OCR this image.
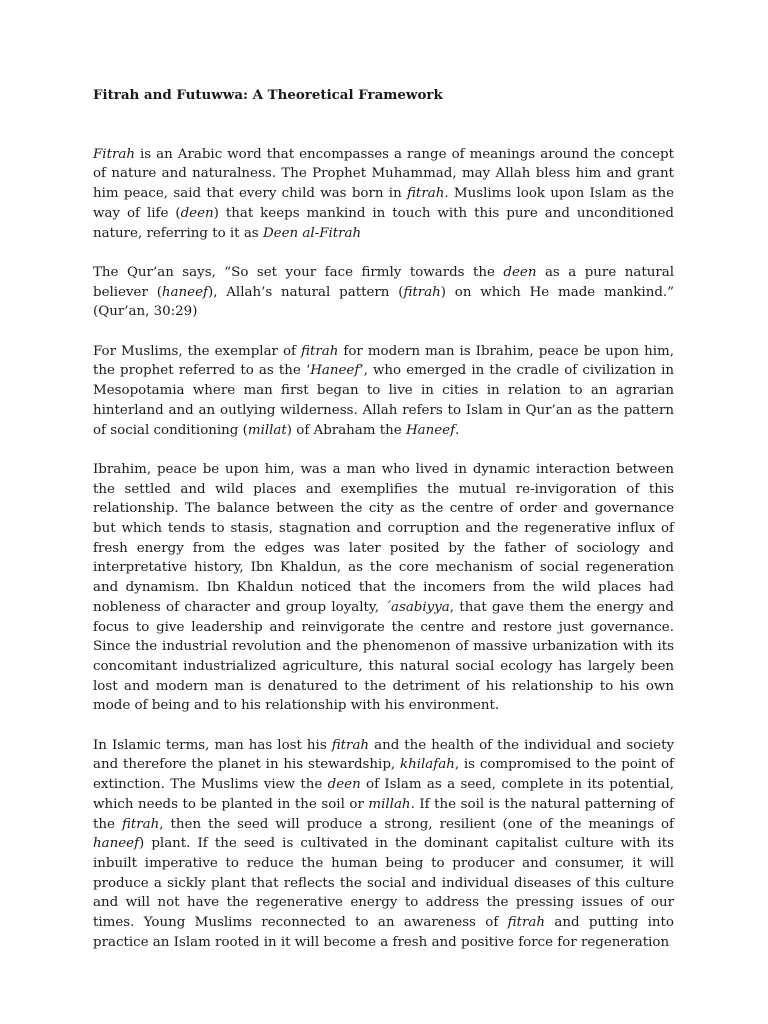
Fitrah and Futuwwa: A Theoretical Framework

Fitrah is an Arabic word that encompasses a range of meanings around the concept of nature and naturalness. The Prophet Muhammad, may Allah bless him and grant him peace, said that every child was born in fitrah. Muslims look upon Islam as the way of life (deen) that keeps mankind in touch with this pure and unconditioned nature, referring to it as Deen al-Fitrah

The Qur’an says, “So set your face firmly towards the deen as a pure natural believer (haneef), Allah’s natural pattern (fitrah) on which He made mankind.” (Qur’an, 30:29)

For Muslims, the exemplar of fitrah for modern man is Ibrahim, peace be upon him, the prophet referred to as the ‘Haneef’, who emerged in the cradle of civilization in Mesopotamia where man first began to live in cities in relation to an agrarian hinterland and an outlying wilderness. Allah refers to Islam in Qur’an as the pattern of social conditioning (millat) of Abraham the Haneef.

Ibrahim, peace be upon him, was a man who lived in dynamic interaction between the settled and wild places and exemplifies the mutual re-invigoration of this relationship. The balance between the city as the centre of order and governance but which tends to stasis, stagnation and corruption and the regenerative influx of fresh energy from the edges was later posited by the father of sociology and interpretative history, Ibn Khaldun, as the core mechanism of social regeneration and dynamism. Ibn Khaldun noticed that the incomers from the wild places had nobleness of character and group loyalty, ´asabiyya, that gave them the energy and focus to give leadership and reinvigorate the centre and restore just governance. Since the industrial revolution and the phenomenon of massive urbanization with its concomitant industrialized agriculture, this natural social ecology has largely been lost and modern man is denatured to the detriment of his relationship to his own mode of being and to his relationship with his environment.

In Islamic terms, man has lost his fitrah and the health of the individual and society and therefore the planet in his stewardship, khilafah, is compromised to the point of extinction. The Muslims view the deen of Islam as a seed, complete in its potential, which needs to be planted in the soil or millah. If the soil is the natural patterning of the fitrah, then the seed will produce a strong, resilient (one of the meanings of haneef) plant. If the seed is cultivated in the dominant capitalist culture with its inbuilt imperative to reduce the human being to producer and consumer, it will produce a sickly plant that reflects the social and individual diseases of this culture and will not have the regenerative energy to address the pressing issues of our times. Young Muslims reconnected to an awareness of fitrah and putting into practice an Islam rooted in it will become a fresh and positive force for regeneration
